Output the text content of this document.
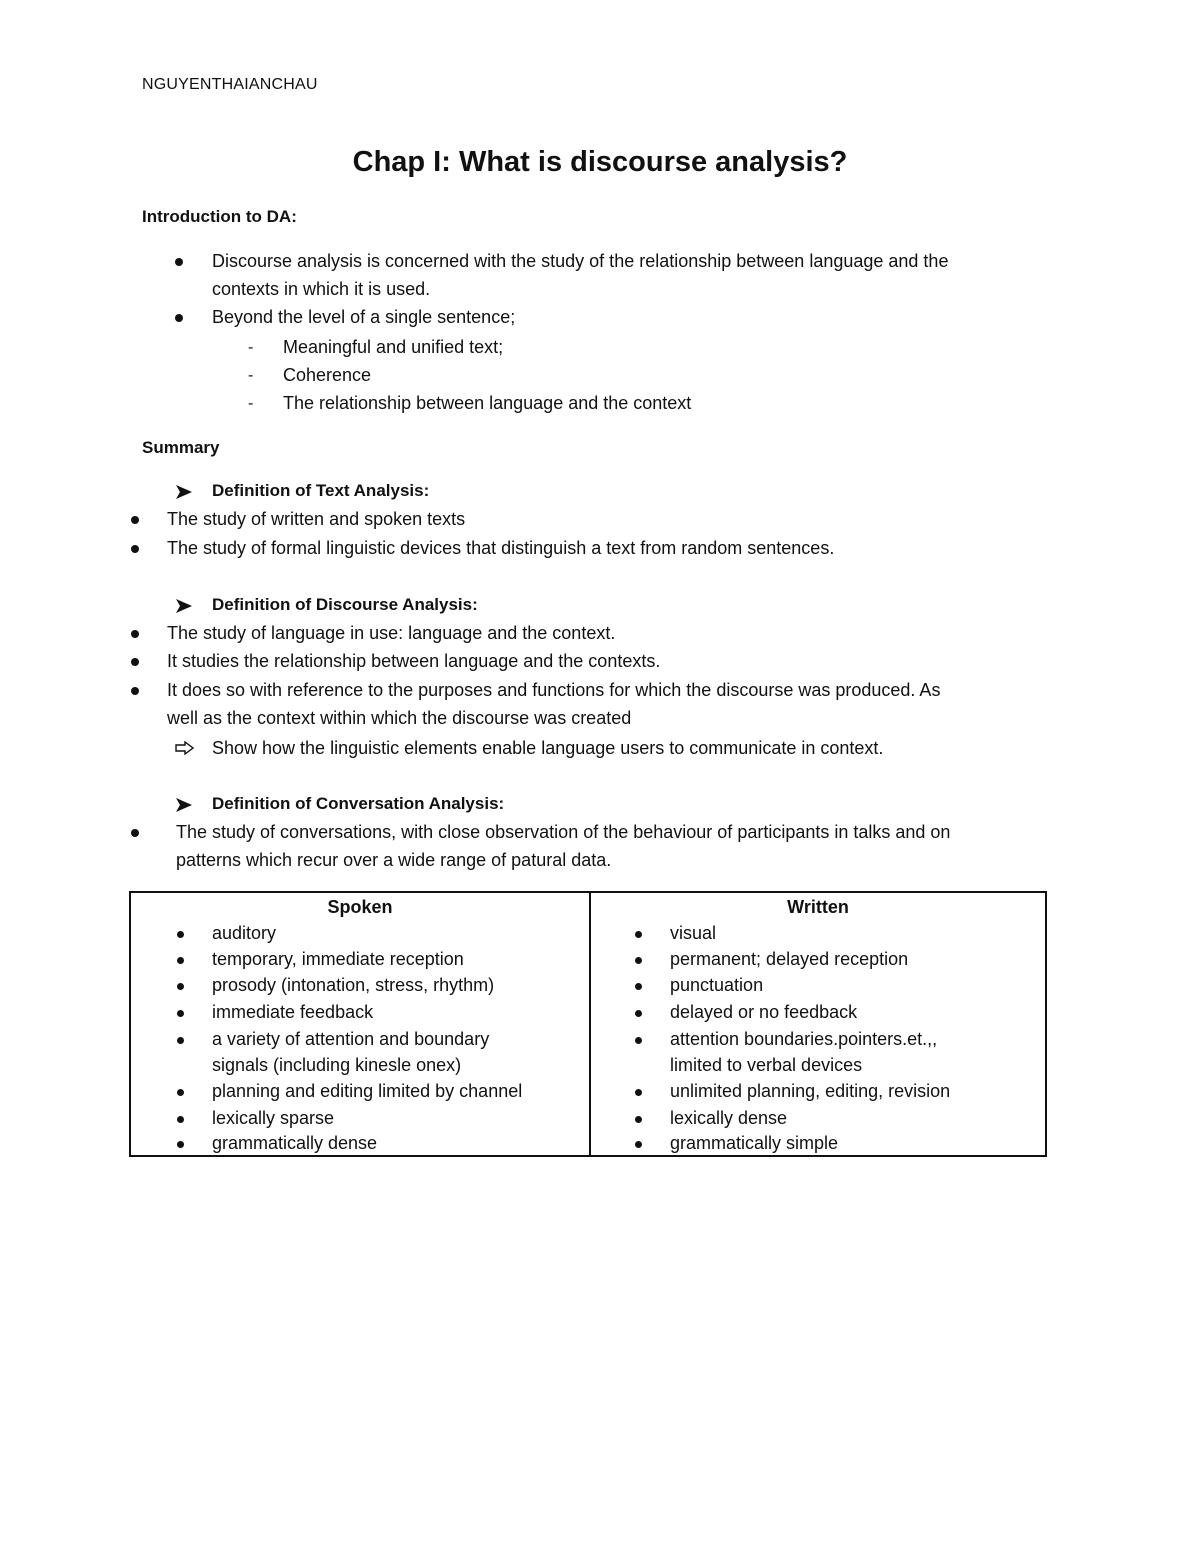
NGUYENTHAIANCHAU
Chap I: What is discourse analysis?
Introduction to DA:
Discourse analysis is concerned with the study of the relationship between language and the
contexts in which it is used.
Beyond the level of a single sentence;
- Meaningful and unified text;
- Coherence
- The relationship between language and the context
Summary
Definition of Text Analysis:
The study of written and spoken texts
The study of formal linguistic devices that distinguish a text from random sentences.
Definition of Discourse Analysis:
The study of language in use: language and the context.
It studies the relationship between language and the contexts.
It does so with reference to the purposes and functions for which the discourse was produced. As
well as the context within which the discourse was created
Show how the linguistic elements enable language users to communicate in context.
Definition of Conversation Analysis:
The study of conversations, with close observation of the behaviour of participants in talks and on
patterns which recur over a wide range of patural data.
Spoken	Written
auditory
temporary, immediate reception
prosody (intonation, stress, rhythm)
immediate feedback
a variety of attention and boundary
signals (including kinesle onex)
planning and editing limited by channel
lexically sparse
grammatically dense
visual
permanent; delayed reception
punctuation
delayed or no feedback
attention boundaries.pointers.et.,,
limited to verbal devices
unlimited planning, editing, revision
lexically dense
grammatically simple
